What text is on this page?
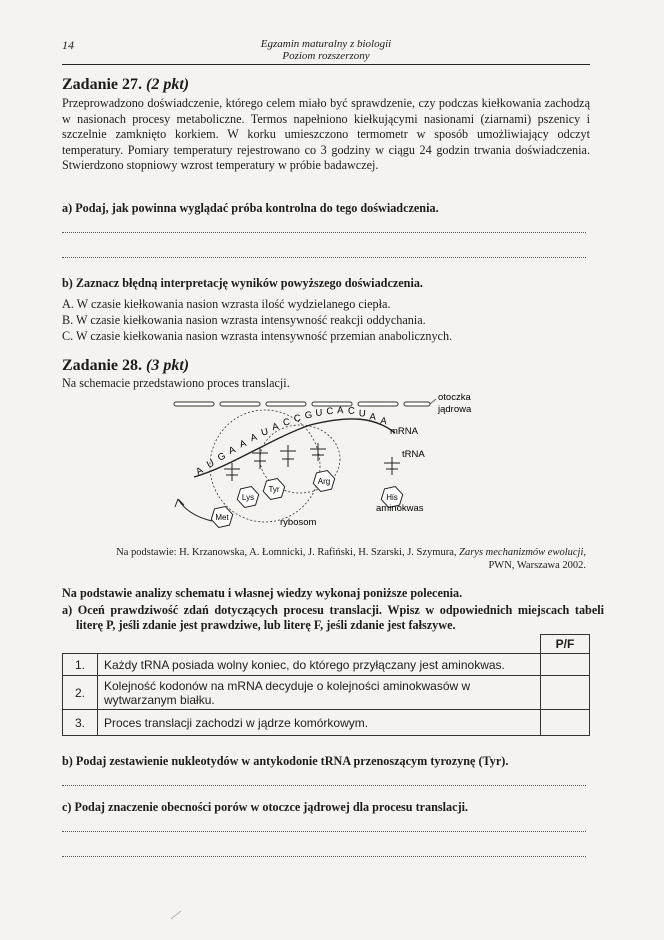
14	Egzamin maturalny z biologii
Poziom rozszerzony
Zadanie 27. (2 pkt)
Przeprowadzono doświadczenie, którego celem miało być sprawdzenie, czy podczas kiełkowania zachodzą w nasionach procesy metaboliczne. Termos napełniono kiełkującymi nasionami (ziarnami) pszenicy i szczelnie zamknięto korkiem. W korku umieszczono termometr w sposób umożliwiający odczyt temperatury. Pomiary temperatury rejestrowano co 3 godziny w ciągu 24 godzin trwania doświadczenia. Stwierdzono stopniowy wzrost temperatury w próbie badawczej.
a) Podaj, jak powinna wyglądać próba kontrolna do tego doświadczenia.
b) Zaznacz błędną interpretację wyników powyższego doświadczenia.
A. W czasie kiełkowania nasion wzrasta ilość wydzielanego ciepła.
B. W czasie kiełkowania nasion wzrasta intensywność reakcji oddychania.
C. W czasie kiełkowania nasion wzrasta intensywność przemian anabolicznych.
Zadanie 28. (3 pkt)
Na schemacie przedstawiono proces translacji.
otoczka
jądrowa
A
U
G A
A A U A C C G U C A C U A A
mRNA
Met
Lys
Tyr
Arg
His
tRNA
aminokwas
rybosom
Na podstawie: H. Krzanowska, A. Łomnicki, J. Rafiński, H. Szarski, J. Szymura, Zarys mechanizmów ewolucji,
PWN, Warszawa 2002.
Na podstawie analizy schematu i własnej wiedzy wykonaj poniższe polecenia.
a) Oceń prawdziwość zdań dotyczących procesu translacji. Wpisz w odpowiednich miejscach tabeli literę P, jeśli zdanie jest prawdziwe, lub literę F, jeśli zdanie jest fałszywe.
		P/F
1.	Każdy tRNA posiada wolny koniec, do którego przyłączany jest aminokwas.	
2.	Kolejność kodonów na mRNA decyduje o kolejności aminokwasów w wytwarzanym białku.	
3.	Proces translacji zachodzi w jądrze komórkowym.	
b) Podaj zestawienie nukleotydów w antykodonie tRNA przenoszącym tyrozynę (Tyr).
c) Podaj znaczenie obecności porów w otoczce jądrowej dla procesu translacji.
